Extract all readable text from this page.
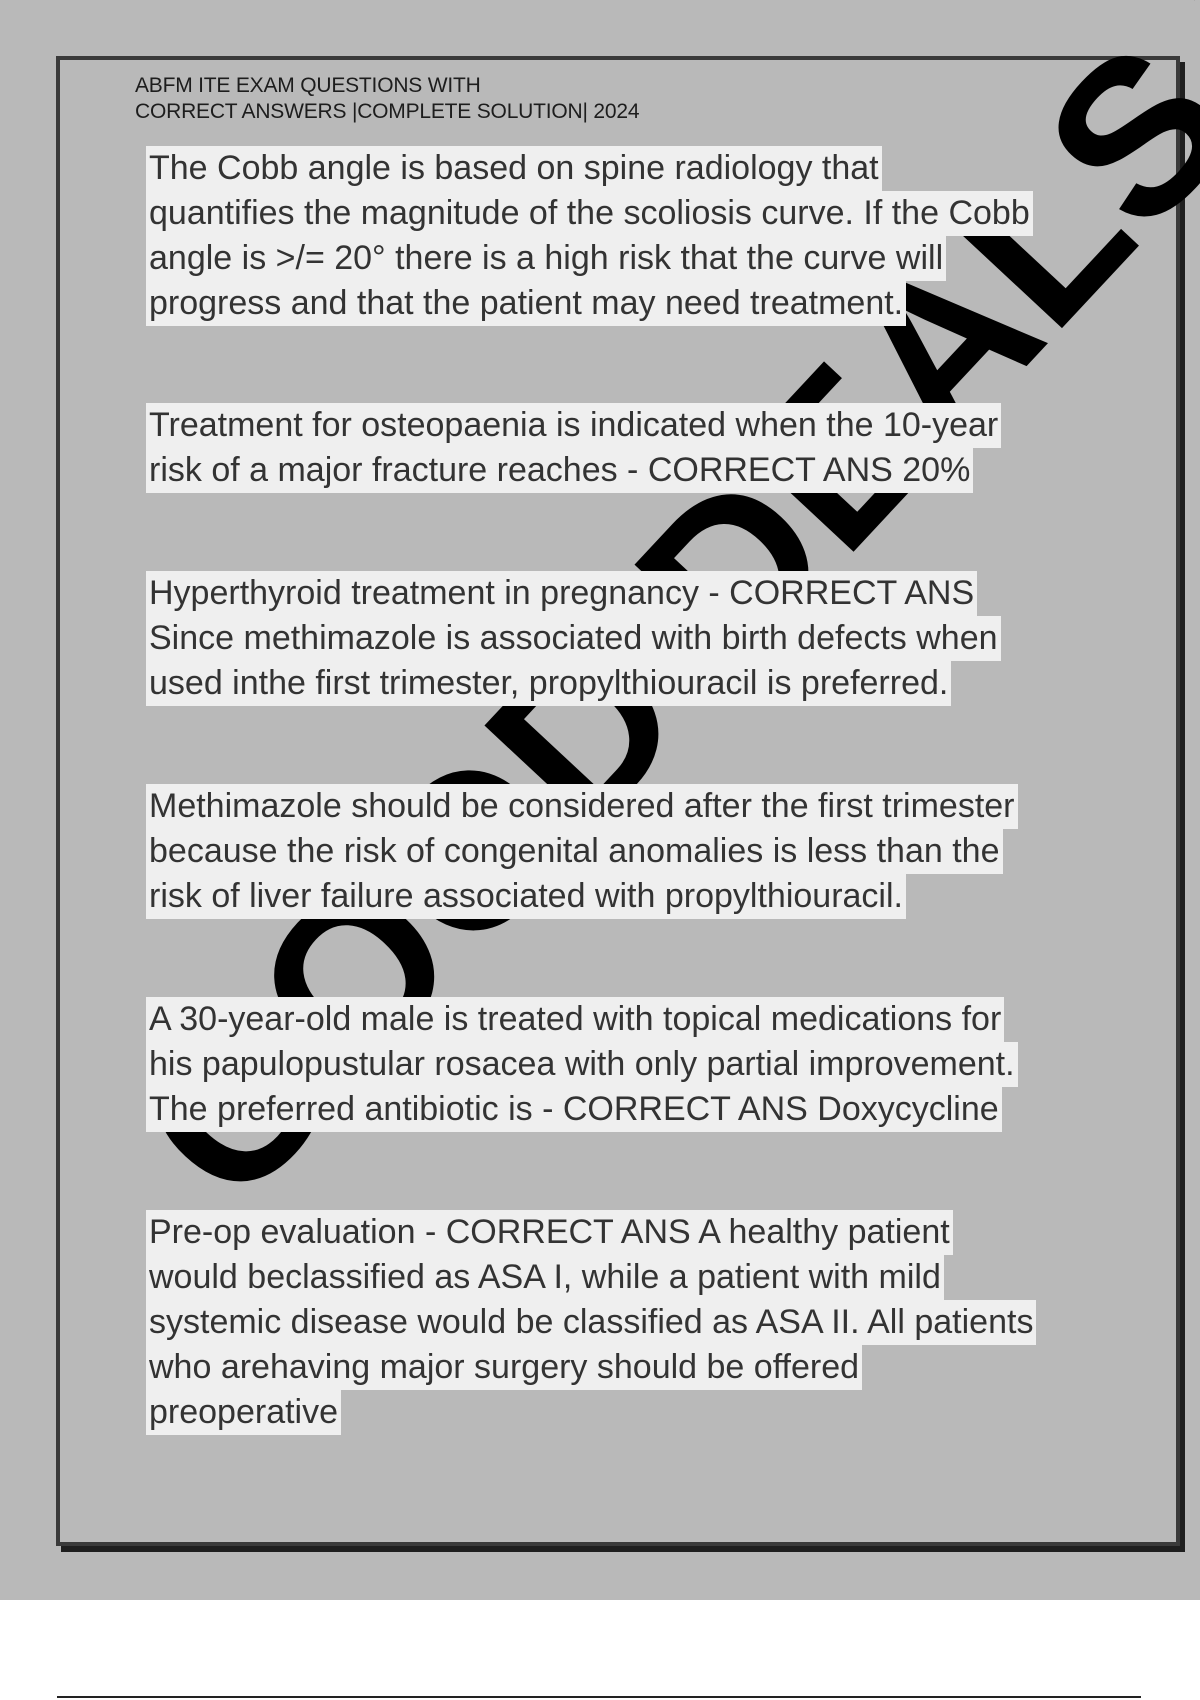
ABFM ITE EXAM QUESTIONS WITH
CORRECT ANSWERS |COMPLETE SOLUTION| 2024
DEALS
The Cobb angle is based on spine radiology that
quantifies the magnitude of the scoliosis curve. If the Cobb
angle is >/= 20° there is a high risk that the curve will
progress and that the patient may need treatment.
Treatment for osteopaenia is indicated when the 10-year
risk of a major fracture reaches - CORRECT ANS 20%
Hyperthyroid treatment in pregnancy - CORRECT ANS
Since methimazole is associated with birth defects when
used inthe first trimester, propylthiouracil is preferred.
Methimazole should be considered after the first trimester
because the risk of congenital anomalies is less than the
risk of liver failure associated with propylthiouracil.
A 30-year-old male is treated with topical medications for
his papulopustular rosacea with only partial improvement.
The preferred antibiotic is - CORRECT ANS Doxycycline
Pre-op evaluation - CORRECT ANS A healthy patient
would beclassified as ASA I, while a patient with mild
systemic disease would be classified as ASA II. All patients
who arehaving major surgery should be offered
preoperative
